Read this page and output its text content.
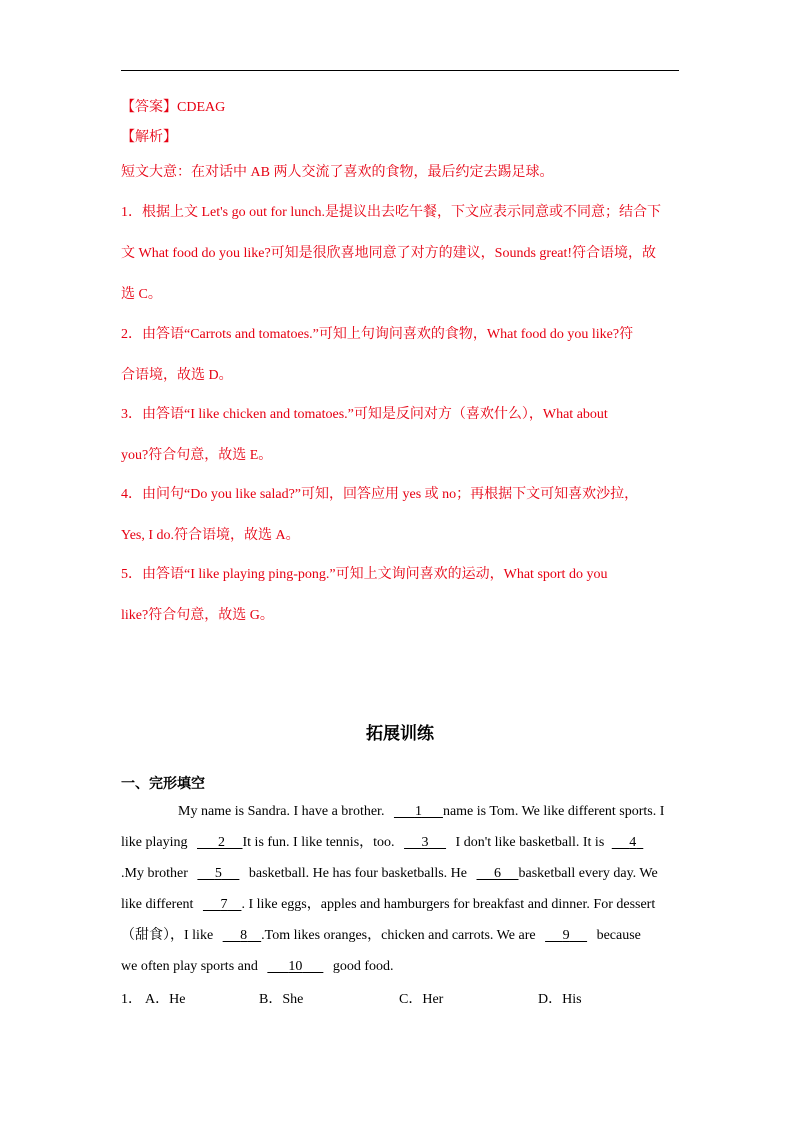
【答案】CDEAG
【解析】
短文大意：在对话中 AB 两人交流了喜欢的食物，最后约定去踢足球。
1．根据上文 Let's go out for lunch.是提议出去吃午餐，下文应表示同意或不同意；结合下
文 What food do you like?可知是很欣喜地同意了对方的建议，Sounds great!符合语境，故
选 C。
2．由答语“Carrots and tomatoes.”可知上句询问喜欢的食物，What food do you like?符
合语境，故选 D。
3．由答语“I like chicken and tomatoes.”可知是反问对方（喜欢什么），What about
you?符合句意，故选 E。
4．由问句“Do you like salad?”可知，回答应用 yes 或 no；再根据下文可知喜欢沙拉，
Yes, I do.符合语境，故选 A。
5．由答语“I like playing ping-pong.”可知上文询问喜欢的运动，What sport do you
like?符合句意，故选 G。
拓展训练
一、完形填空
My name is Sandra. I have a brother. 1 name is Tom. We like different sports. I
like playing 2 It is fun. I like tennis，too. 3 I don't like basketball. It is 4
.My brother 5 basketball. He has four basketballs. He 6 basketball every day. We
like different 7 . I like eggs，apples and hamburgers for breakfast and dinner. For dessert
（甜食），I like 8 .Tom likes oranges，chicken and carrots. We are 9 because
we often play sports and 10 good food.
1． A．He	B．She	C．Her	D．His
